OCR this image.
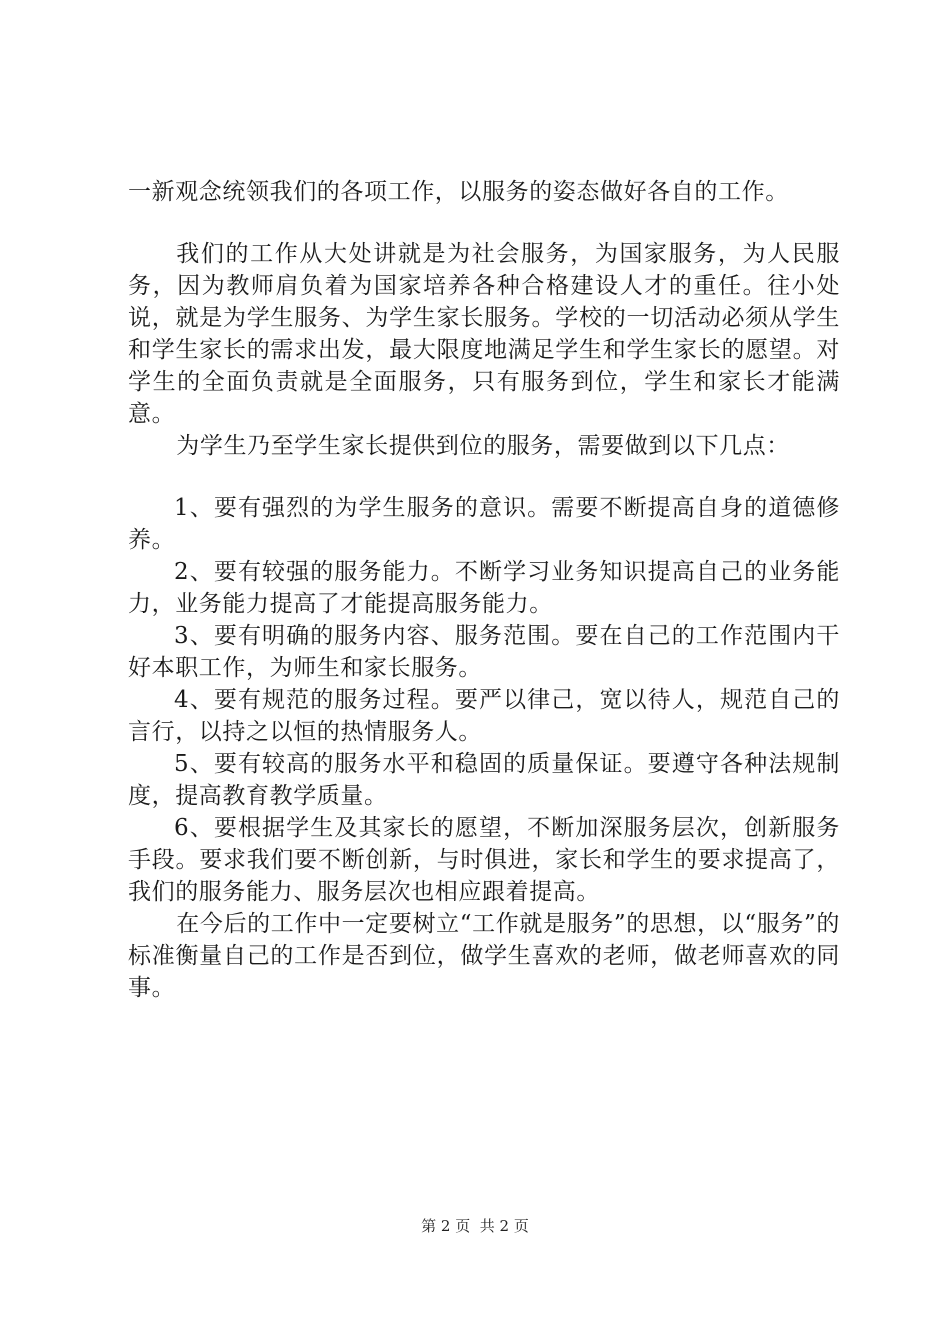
一新观念统领我们的各项工作，以服务的姿态做好各自的工作。

我们的工作从大处讲就是为社会服务，为国家服务，为人民服务，因为教师肩负着为国家培养各种合格建设人才的重任。往小处说，就是为学生服务、为学生家长服务。学校的一切活动必须从学生和学生家长的需求出发，最大限度地满足学生和学生家长的愿望。对学生的全面负责就是全面服务，只有服务到位，学生和家长才能满意。

为学生乃至学生家长提供到位的服务，需要做到以下几点：

1、要有强烈的为学生服务的意识。需要不断提高自身的道德修养。

2、要有较强的服务能力。不断学习业务知识提高自己的业务能力，业务能力提高了才能提高服务能力。

3、要有明确的服务内容、服务范围。要在自己的工作范围内干好本职工作，为师生和家长服务。

4、要有规范的服务过程。要严以律己，宽以待人，规范自己的言行，以持之以恒的热情服务人。

5、要有较高的服务水平和稳固的质量保证。要遵守各种法规制度，提高教育教学质量。

6、要根据学生及其家长的愿望，不断加深服务层次，创新服务手段。要求我们要不断创新，与时俱进，家长和学生的要求提高了，我们的服务能力、服务层次也相应跟着提高。

在今后的工作中一定要树立“工作就是服务”的思想，以“服务”的标准衡量自己的工作是否到位，做学生喜欢的老师，做老师喜欢的同事。

第 2 页  共 2 页
